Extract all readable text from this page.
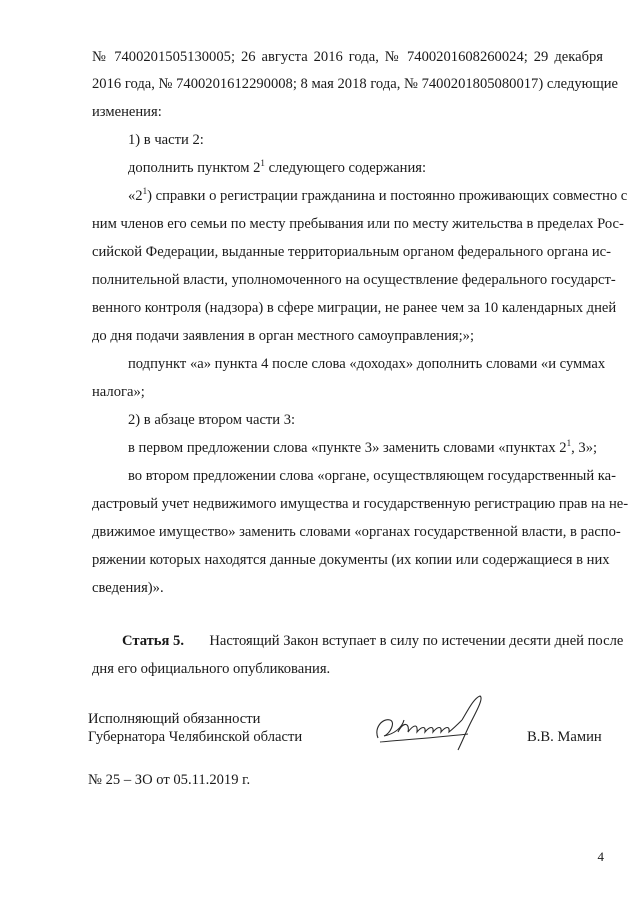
№ 7400201505130005; 26 августа 2016 года, № 7400201608260024; 29 декабря
2016 года, № 7400201612290008; 8 мая 2018 года, № 7400201805080017) следующие
изменения:
1) в части 2:
дополнить пунктом $2^1$ следующего содержания:
«$2^1$) справки о регистрации гражданина и постоянно проживающих совместно с
ним членов его семьи по месту пребывания или по месту жительства в пределах Рос-
сийской Федерации, выданные территориальным органом федерального органа ис-
полнительной власти, уполномоченного на осуществление федерального государст-
венного контроля (надзора) в сфере миграции, не ранее чем за 10 календарных дней
до дня подачи заявления в орган местного самоуправления;»;
подпункт «а» пункта 4 после слова «доходах» дополнить словами «и суммах
налога»;
2) в абзаце втором части 3:
в первом предложении слова «пункте 3» заменить словами «пунктах $2^1$, 3»;
во втором предложении слова «органе, осуществляющем государственный ка-
дастровый учет недвижимого имущества и государственную регистрацию прав на не-
движимое имущество» заменить словами «органах государственной власти, в распо-
ряжении которых находятся данные документы (их копии или содержащиеся в них
сведения)».
Статья 5. Настоящий Закон вступает в силу по истечении десяти дней после
дня его официального опубликования.
Исполняющий обязанности
Губернатора Челябинской области	В.В. Мамин
№ 25 – ЗО от 05.11.2019 г.
4
